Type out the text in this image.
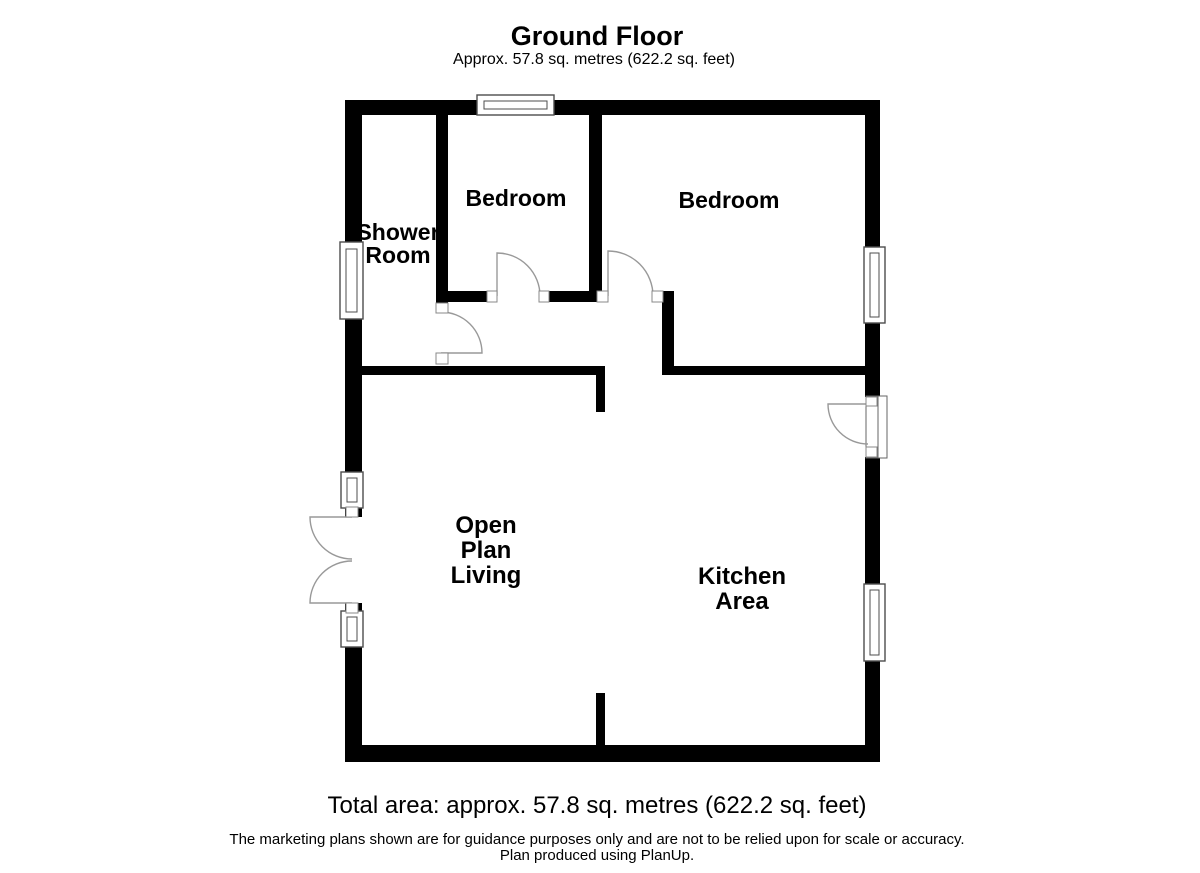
Ground Floor
Approx. 57.8 sq. metres (622.2 sq. feet)
Shower
Room
Bedroom	Bedroom
Open
Plan
Living	Kitchen
Area
Total area: approx. 57.8 sq. metres (622.2 sq. feet)
The marketing plans shown are for guidance purposes only and are not to be relied upon for scale or accuracy.
Plan produced using PlanUp.
